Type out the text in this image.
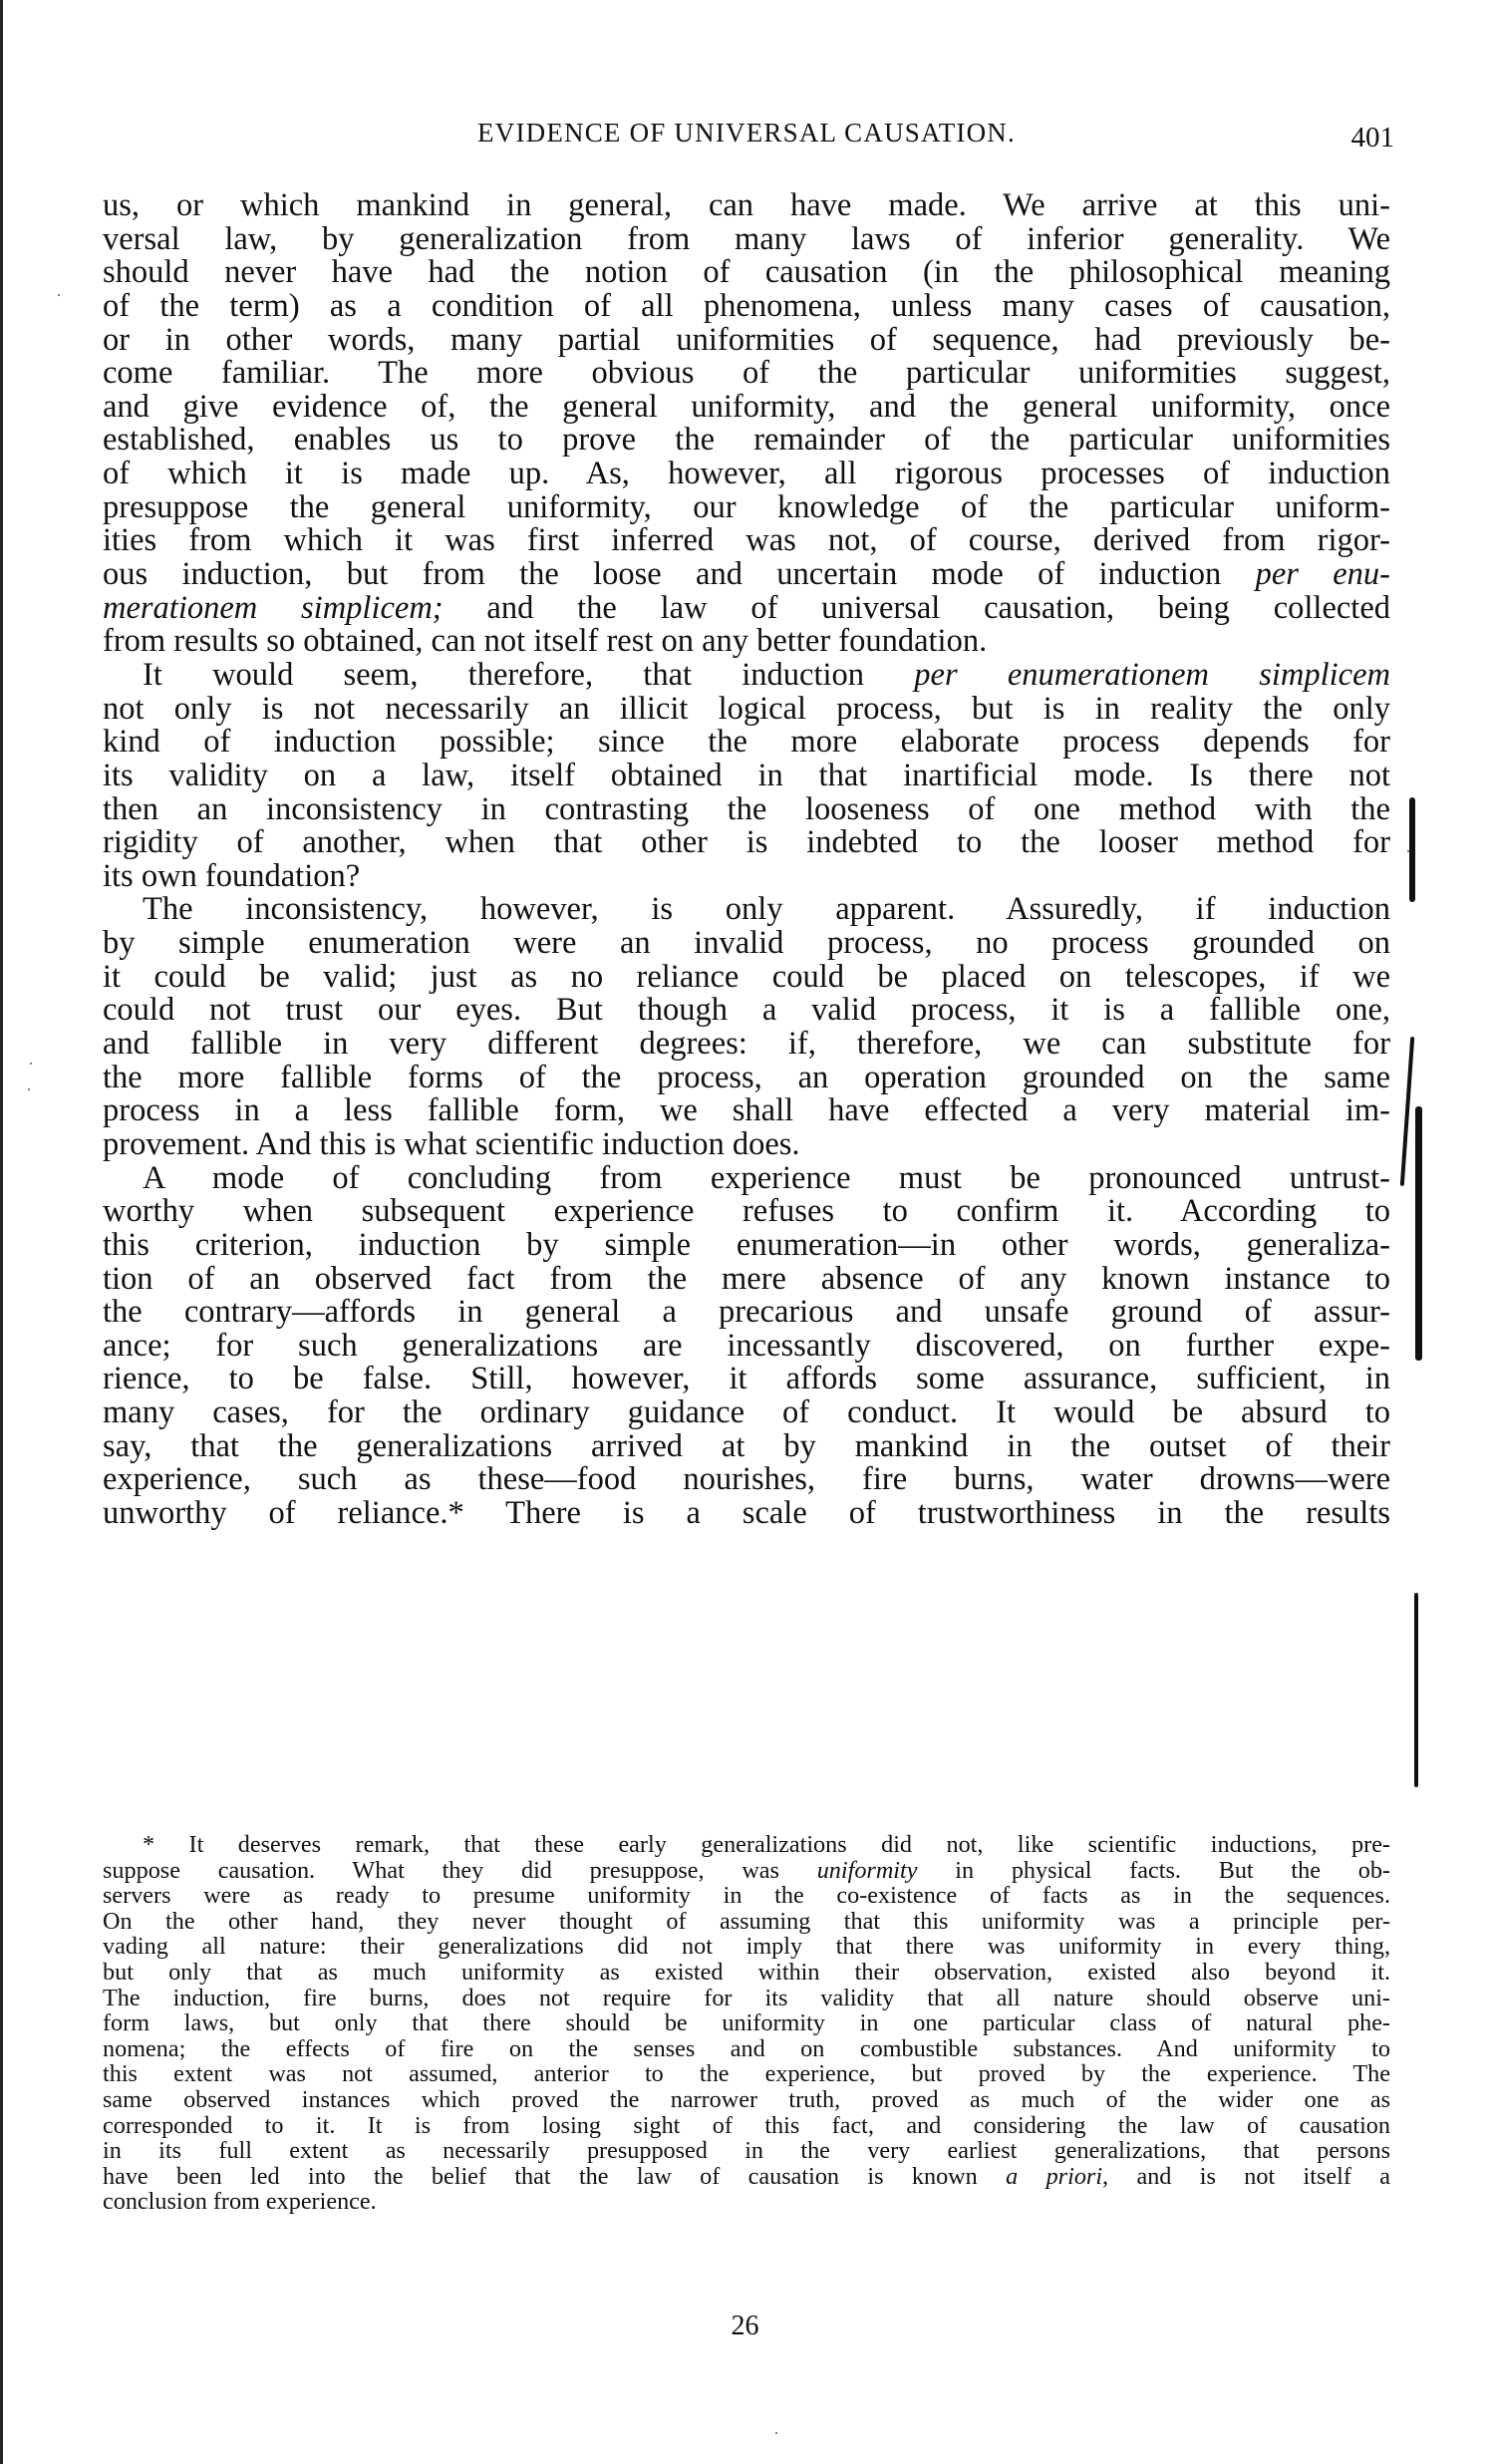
EVIDENCE OF UNIVERSAL CAUSATION.	401
us, or which mankind in general, can have made. We arrive at this uni-
versal law, by generalization from many laws of inferior generality. We
should never have had the notion of causation (in the philosophical meaning
of the term) as a condition of all phenomena, unless many cases of causation,
or in other words, many partial uniformities of sequence, had previously be-
come familiar. The more obvious of the particular uniformities suggest,
and give evidence of, the general uniformity, and the general uniformity, once
established, enables us to prove the remainder of the particular uniformities
of which it is made up. As, however, all rigorous processes of induction
presuppose the general uniformity, our knowledge of the particular uniform-
ities from which it was first inferred was not, of course, derived from rigor-
ous induction, but from the loose and uncertain mode of induction per enu-
merationem simplicem; and the law of universal causation, being collected
from results so obtained, can not itself rest on any better foundation.
It would seem, therefore, that induction per enumerationem simplicem
not only is not necessarily an illicit logical process, but is in reality the only
kind of induction possible; since the more elaborate process depends for
its validity on a law, itself obtained in that inartificial mode. Is there not
then an inconsistency in contrasting the looseness of one method with the
rigidity of another, when that other is indebted to the looser method for
its own foundation?
The inconsistency, however, is only apparent. Assuredly, if induction
by simple enumeration were an invalid process, no process grounded on
it could be valid; just as no reliance could be placed on telescopes, if we
could not trust our eyes. But though a valid process, it is a fallible one,
and fallible in very different degrees: if, therefore, we can substitute for
the more fallible forms of the process, an operation grounded on the same
process in a less fallible form, we shall have effected a very material im-
provement. And this is what scientific induction does.
A mode of concluding from experience must be pronounced untrust-
worthy when subsequent experience refuses to confirm it. According to
this criterion, induction by simple enumeration—in other words, generaliza-
tion of an observed fact from the mere absence of any known instance to
the contrary—affords in general a precarious and unsafe ground of assur-
ance; for such generalizations are incessantly discovered, on further expe-
rience, to be false. Still, however, it affords some assurance, sufficient, in
many cases, for the ordinary guidance of conduct. It would be absurd to
say, that the generalizations arrived at by mankind in the outset of their
experience, such as these—food nourishes, fire burns, water drowns—were
unworthy of reliance.* There is a scale of trustworthiness in the results
* It deserves remark, that these early generalizations did not, like scientific inductions, pre-
suppose causation. What they did presuppose, was uniformity in physical facts. But the ob-
servers were as ready to presume uniformity in the co-existence of facts as in the sequences.
On the other hand, they never thought of assuming that this uniformity was a principle per-
vading all nature: their generalizations did not imply that there was uniformity in every thing,
but only that as much uniformity as existed within their observation, existed also beyond it.
The induction, fire burns, does not require for its validity that all nature should observe uni-
form laws, but only that there should be uniformity in one particular class of natural phe-
nomena; the effects of fire on the senses and on combustible substances. And uniformity to
this extent was not assumed, anterior to the experience, but proved by the experience. The
same observed instances which proved the narrower truth, proved as much of the wider one as
corresponded to it. It is from losing sight of this fact, and considering the law of causation
in its full extent as necessarily presupposed in the very earliest generalizations, that persons
have been led into the belief that the law of causation is known a priori, and is not itself a
conclusion from experience.
26
